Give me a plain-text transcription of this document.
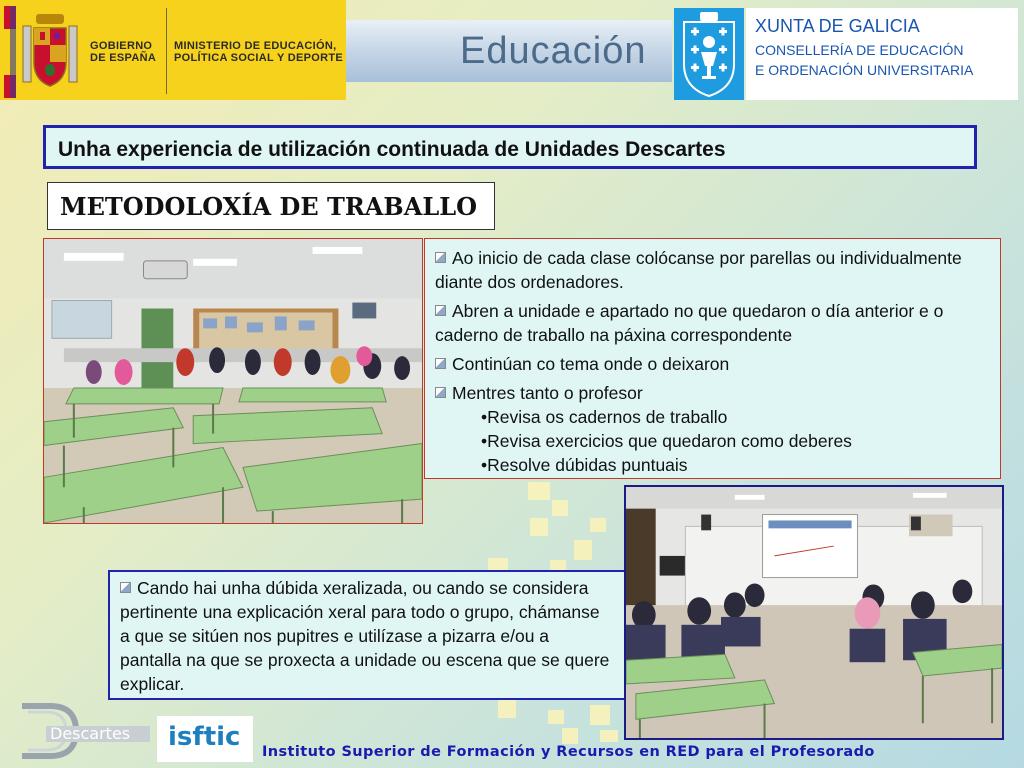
GOBIERNO DE ESPAÑA
MINISTERIO DE EDUCACIÓN, POLÍTICA SOCIAL Y DEPORTE	Educación
XUNTA DE GALICIA
CONSELLERÍA DE EDUCACIÓN
E ORDENACIÓN UNIVERSITARIA
Unha experiencia de utilización continuada de Unidades Descartes
METODOLOXÍA DE TRABALLO
Ao inicio de cada clase colócanse por parellas ou individualmente diante dos ordenadores.
Abren a unidade e apartado no que quedaron o día anterior e o caderno de traballo na páxina correspondente
Continúan co tema onde o deixaron
Mentres tanto o profesor
• Revisa os cadernos de traballo
• Revisa exercicios que quedaron como deberes
• Resolve dúbidas puntuais
Cando hai unha dúbida xeralizada, ou cando se considera pertinente una explicación xeral para todo o grupo, chámanse a que se sitúen nos pupitres e utilízase a pizarra e/ou a pantalla na que se proxecta a unidade ou escena que se quere explicar.
Descartes isftic Instituto Superior de Formación y Recursos en RED para el Profesorado
